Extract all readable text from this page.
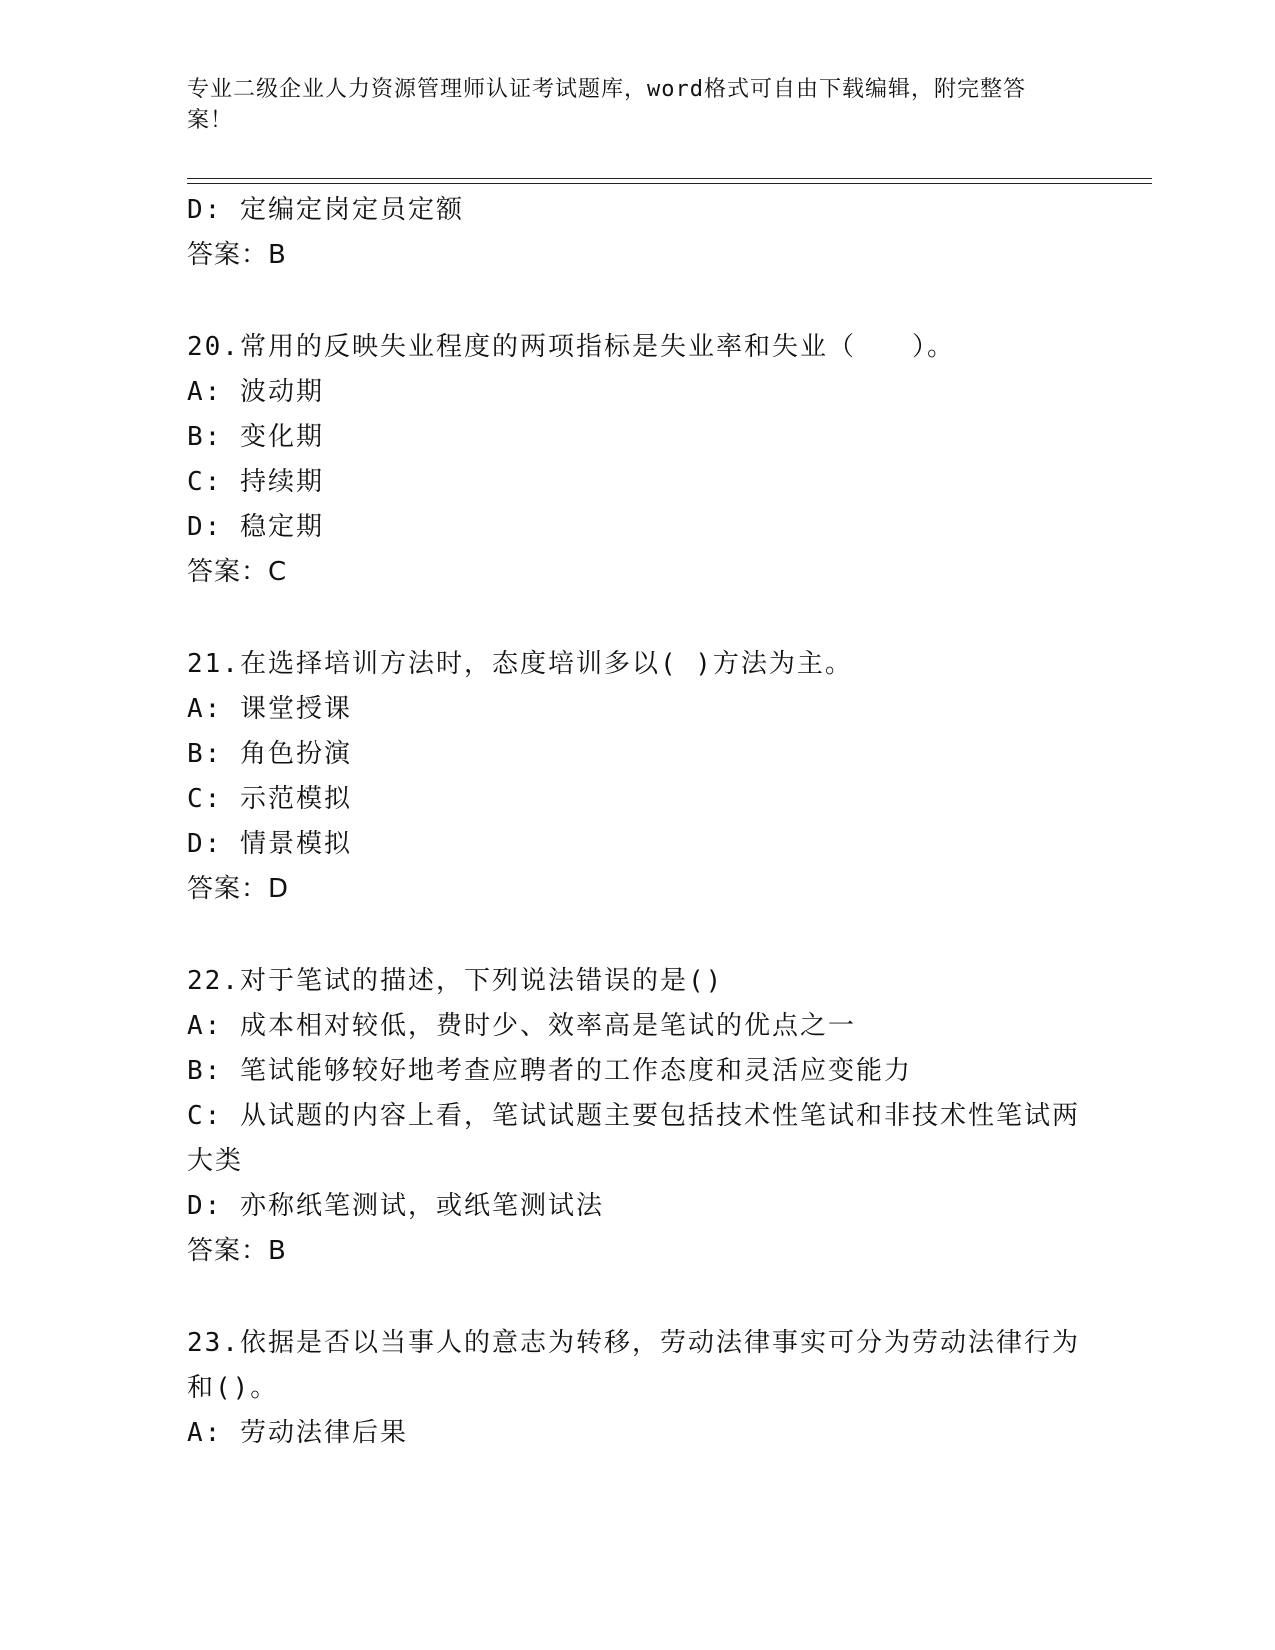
专业二级企业人力资源管理师认证考试题库，word格式可自由下载编辑，附完整答案！
D: 定编定岗定员定额
答案：B
20.常用的反映失业程度的两项指标是失业率和失业（　　）。
A: 波动期
B: 变化期
C: 持续期
D: 稳定期
答案：C
21.在选择培训方法时，态度培训多以( )方法为主。
A: 课堂授课
B: 角色扮演
C: 示范模拟
D: 情景模拟
答案：D
22.对于笔试的描述，下列说法错误的是()
A: 成本相对较低，费时少、效率高是笔试的优点之一
B: 笔试能够较好地考查应聘者的工作态度和灵活应变能力
C: 从试题的内容上看，笔试试题主要包括技术性笔试和非技术性笔试两大类
D: 亦称纸笔测试，或纸笔测试法
答案：B
23.依据是否以当事人的意志为转移，劳动法律事实可分为劳动法律行为和()。
A: 劳动法律后果
